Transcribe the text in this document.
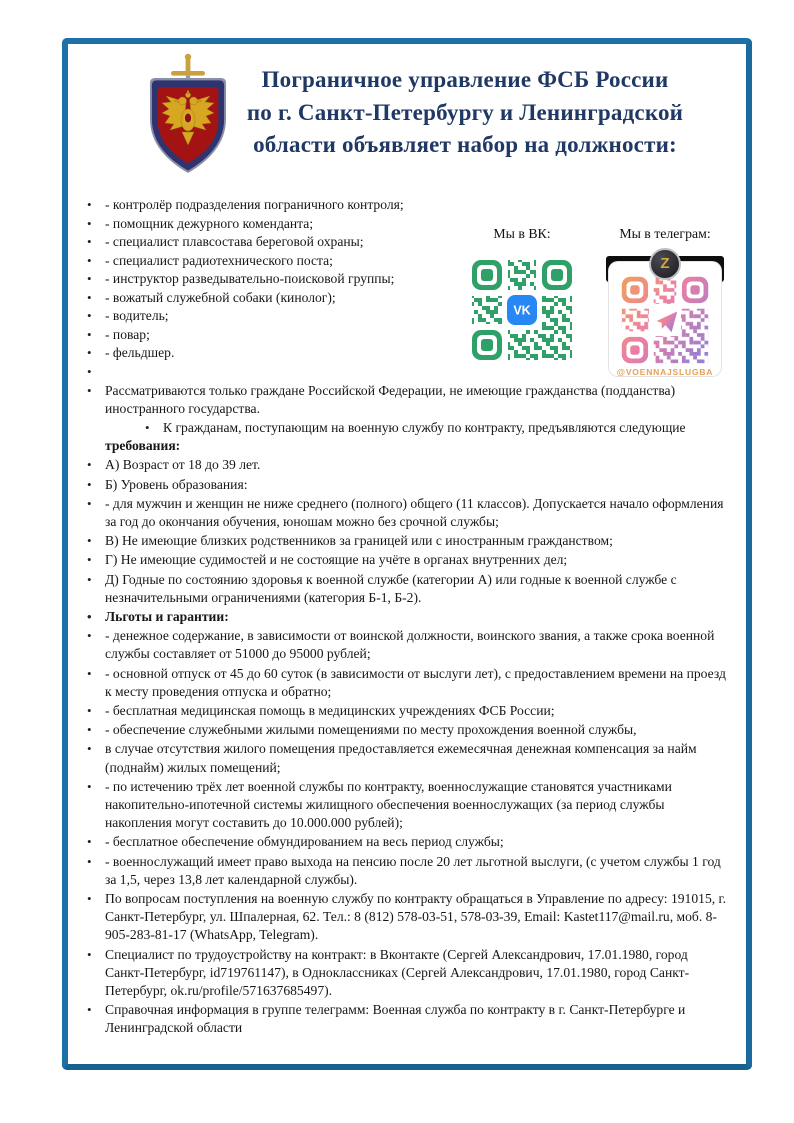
Пограничное управление ФСБ России
по г. Санкт-Петербургу и Ленинградской
области объявляет набор на должности:
Мы в ВК:
VK
Мы в телеграм:
@VOENNAJSLUGBA
Z
• - контролёр подразделения пограничного контроля;
• - помощник дежурного коменданта;
• - специалист плавсостава береговой охраны;
• - специалист радиотехнического поста;
• - инструктор разведывательно-поисковой группы;
• - вожатый служебной собаки (кинолог);
• - водитель;
• - повар;
• - фельдшер.
•
• Рассматриваются только граждане Российской Федерации, не имеющие гражданства (подданства) иностранного государства.
• К гражданам, поступающим на военную службу по контракту, предъявляются следующие требования:
• А) Возраст от 18 до 39 лет.
• Б) Уровень образования:
• - для мужчин и женщин не ниже среднего (полного) общего (11 классов). Допускается начало оформления за год до окончания обучения, юношам можно без срочной службы;
• В) Не имеющие близких родственников за границей или с иностранным гражданством;
• Г) Не имеющие судимостей и не состоящие на учёте в органах внутренних дел;
• Д) Годные по состоянию здоровья к военной службе (категории А) или годные к военной службе с незначительными ограничениями (категория Б-1, Б-2).
• Льготы и гарантии:
• - денежное содержание, в зависимости от воинской должности, воинского звания, а также срока военной службы составляет от 51000 до 95000 рублей;
• - основной отпуск от 45 до 60 суток (в зависимости от выслуги лет), с предоставлением времени на проезд к месту проведения отпуска и обратно;
• - бесплатная медицинская помощь в медицинских учреждениях ФСБ России;
• - обеспечение служебными жилыми помещениями по месту прохождения военной службы,
• в случае отсутствия жилого помещения предоставляется ежемесячная денежная компенсация за найм (поднайм) жилых помещений;
• - по истечению трёх лет военной службы по контракту, военнослужащие становятся участниками накопительно-ипотечной системы жилищного обеспечения военнослужащих (за период службы накопления могут составить до 10.000.000 рублей);
• - бесплатное обеспечение обмундированием на весь период службы;
• - военнослужащий имеет право выхода на пенсию после 20 лет льготной выслуги, (с учетом службы 1 год за 1,5, через 13,8 лет календарной службы).
• По вопросам поступления на военную службу по контракту обращаться в Управление по адресу: 191015, г. Санкт-Петербург, ул. Шпалерная, 62. Тел.: 8 (812) 578-03-51, 578-03-39, Email: Kastet117@mail.ru, моб. 8-905-283-81-17 (WhatsApp, Telegram).
• Специалист по трудоустройству на контракт: в Вконтакте (Сергей Александрович, 17.01.1980, город Санкт-Петербург, id719761147), в Одноклассниках (Сергей Александрович, 17.01.1980, город Санкт-Петербург, ok.ru/profile/571637685497).
• Справочная информация в группе телеграмм: Военная служба по контракту в г. Санкт-Петербурге и Ленинградской области
